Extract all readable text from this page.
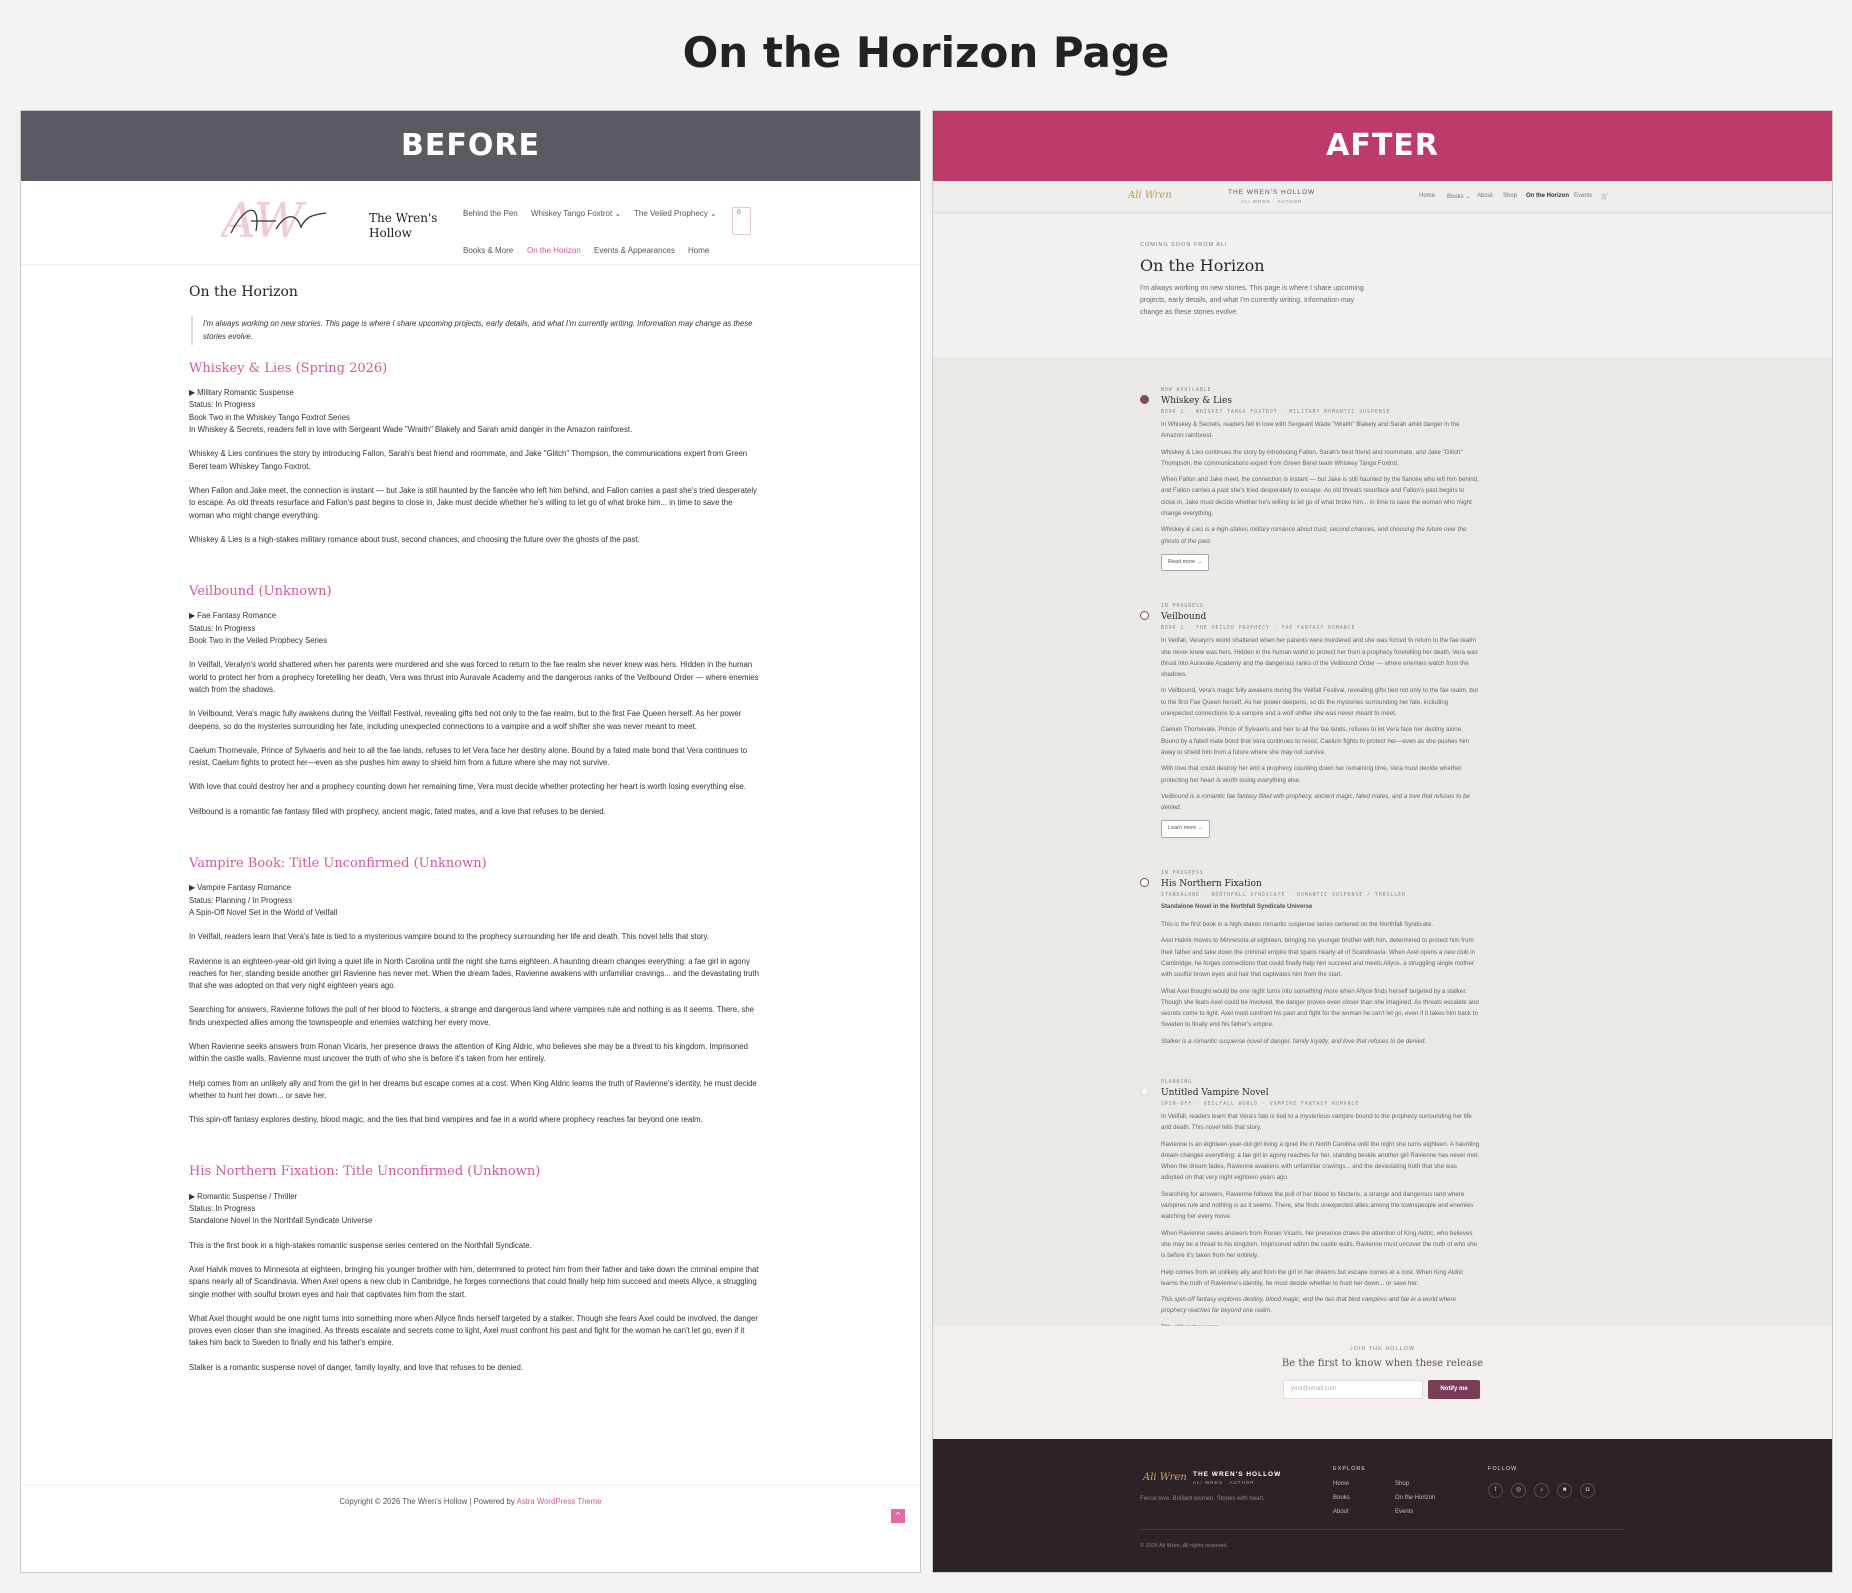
On the Horizon Page
BEFORE
AW	The Wren's Hollow
Behind the Pen Whiskey Tango Foxtrot ⌄ The Veiled Prophecy ⌄
Books & More On the Horizon Events & Appearances Home
0
On the Horizon
I'm always working on new stories. This page is where I share upcoming projects, early details, and what I'm currently writing. Information may change as these stories evolve.
Whiskey & Lies (Spring 2026)
▶ Military Romantic Suspense
Status: In Progress
Book Two in the Whiskey Tango Foxtrot Series
In Whiskey & Secrets, readers fell in love with Sergeant Wade "Wraith" Blakely and Sarah amid danger in the Amazon rainforest.

Whiskey & Lies continues the story by introducing Fallon, Sarah's best friend and roommate, and Jake "Glitch" Thompson, the communications expert from Green Beret team Whiskey Tango Foxtrot.

When Fallon and Jake meet, the connection is instant — but Jake is still haunted by the fiancée who left him behind, and Fallon carries a past she's tried desperately to escape. As old threats resurface and Fallon's past begins to close in, Jake must decide whether he's willing to let go of what broke him... in time to save the woman who might change everything.

Whiskey & Lies is a high-stakes military romance about trust, second chances, and choosing the future over the ghosts of the past.

Veilbound (Unknown)
▶ Fae Fantasy Romance
Status: In Progress
Book Two in the Veiled Prophecy Series

In Veilfall, Veralyn's world shattered when her parents were murdered and she was forced to return to the fae realm she never knew was hers. Hidden in the human world to protect her from a prophecy foretelling her death, Vera was thrust into Auravale Academy and the dangerous ranks of the Veilbound Order — where enemies watch from the shadows.

In Veilbound, Vera's magic fully awakens during the Veilfall Festival, revealing gifts tied not only to the fae realm, but to the first Fae Queen herself. As her power deepens, so do the mysteries surrounding her fate, including unexpected connections to a vampire and a wolf shifter she was never meant to meet.

Caelum Thornevale, Prince of Sylvaeris and heir to all the fae lands, refuses to let Vera face her destiny alone. Bound by a fated mate bond that Vera continues to resist, Caelum fights to protect her—even as she pushes him away to shield him from a future where she may not survive.

With love that could destroy her and a prophecy counting down her remaining time, Vera must decide whether protecting her heart is worth losing everything else.

Veilbound is a romantic fae fantasy filled with prophecy, ancient magic, fated mates, and a love that refuses to be denied.

Vampire Book: Title Unconfirmed (Unknown)
▶ Vampire Fantasy Romance
Status: Planning / In Progress
A Spin-Off Novel Set in the World of Veilfall

In Veilfall, readers learn that Vera's fate is tied to a mysterious vampire bound to the prophecy surrounding her life and death. This novel tells that story.

Ravienne is an eighteen-year-old girl living a quiet life in North Carolina until the night she turns eighteen. A haunting dream changes everything: a fae girl in agony reaches for her, standing beside another girl Ravienne has never met. When the dream fades, Ravienne awakens with unfamiliar cravings... and the devastating truth that she was adopted on that very night eighteen years ago.

Searching for answers, Ravienne follows the pull of her blood to Nocteris, a strange and dangerous land where vampires rule and nothing is as it seems. There, she finds unexpected allies among the townspeople and enemies watching her every move.

When Ravienne seeks answers from Ronan Vicaris, her presence draws the attention of King Aldric, who believes she may be a threat to his kingdom. Imprisoned within the castle walls, Ravienne must uncover the truth of who she is before it's taken from her entirely.

Help comes from an unlikely ally and from the girl in her dreams but escape comes at a cost. When King Aldric learns the truth of Ravienne's identity, he must decide whether to hunt her down... or save her.

This spin-off fantasy explores destiny, blood magic, and the ties that bind vampires and fae in a world where prophecy reaches far beyond one realm.

His Northern Fixation: Title Unconfirmed (Unknown)
▶ Romantic Suspense / Thriller
Status: In Progress
Standalone Novel in the Northfall Syndicate Universe

This is the first book in a high-stakes romantic suspense series centered on the Northfall Syndicate.

Axel Halvik moves to Minnesota at eighteen, bringing his younger brother with him, determined to protect him from their father and take down the criminal empire that spans nearly all of Scandinavia. When Axel opens a new club in Cambridge, he forges connections that could finally help him succeed and meets Allyce, a struggling single mother with soulful brown eyes and hair that captivates him from the start.

What Axel thought would be one night turns into something more when Allyce finds herself targeted by a stalker. Though she fears Axel could be involved, the danger proves even closer than she imagined. As threats escalate and secrets come to light, Axel must confront his past and fight for the woman he can't let go, even if it takes him back to Sweden to finally end his father's empire.

Stalker is a romantic suspense novel of danger, family loyalty, and love that refuses to be denied.

Copyright © 2026 The Wren's Hollow | Powered by Astra WordPress Theme
^
AFTER
Ali Wren	THE WREN'S HOLLOW
ALI WREN · AUTHOR
Home Books ⌄ About Shop On the Horizon Events 🛒
COMING SOON FROM ALI
On the Horizon
I'm always working on new stories. This page is where I share upcoming projects, early details, and what I'm currently writing. Information may change as these stories evolve.
NOW AVAILABLE
Whiskey & Lies
BOOK 2 · WHISKEY TANGO FOXTROT · MILITARY ROMANTIC SUSPENSE

In Whiskey & Secrets, readers fell in love with Sergeant Wade "Wraith" Blakely and Sarah amid danger in the Amazon rainforest.

Whiskey & Lies continues the story by introducing Fallon, Sarah's best friend and roommate, and Jake "Glitch" Thompson, the communications expert from Green Beret team Whiskey Tango Foxtrot.

When Fallon and Jake meet, the connection is instant — but Jake is still haunted by the fiancée who left him behind, and Fallon carries a past she's tried desperately to escape. As old threats resurface and Fallon's past begins to close in, Jake must decide whether he's willing to let go of what broke him... in time to save the woman who might change everything.

Whiskey & Lies is a high-stakes military romance about trust, second chances, and choosing the future over the ghosts of the past.

Read more →
IN PROGRESS
Veilbound
BOOK 2 · THE VEILED PROPHECY · FAE FANTASY ROMANCE

In Veilfall, Veralyn's world shattered when her parents were murdered and she was forced to return to the fae realm she never knew was hers. Hidden in the human world to protect her from a prophecy foretelling her death, Vera was thrust into Auravale Academy and the dangerous ranks of the Veilbound Order — where enemies watch from the shadows.

In Veilbound, Vera's magic fully awakens during the Veilfall Festival, revealing gifts tied not only to the fae realm, but to the first Fae Queen herself. As her power deepens, so do the mysteries surrounding her fate, including unexpected connections to a vampire and a wolf shifter she was never meant to meet.

Caelum Thornevale, Prince of Sylvaeris and heir to all the fae lands, refuses to let Vera face her destiny alone. Bound by a fated mate bond that Vera continues to resist, Caelum fights to protect her—even as she pushes him away to shield him from a future where she may not survive.

With love that could destroy her and a prophecy counting down her remaining time, Vera must decide whether protecting her heart is worth losing everything else.

Veilbound is a romantic fae fantasy filled with prophecy, ancient magic, fated mates, and a love that refuses to be denied.

Learn more →
IN PROGRESS
His Northern Fixation
STANDALONE · NORTHFALL SYNDICATE · ROMANTIC SUSPENSE / THRILLER
Standalone Novel in the Northfall Syndicate Universe

This is the first book in a high-stakes romantic suspense series centered on the Northfall Syndicate.

Axel Halvik moves to Minnesota at eighteen, bringing his younger brother with him, determined to protect him from their father and take down the criminal empire that spans nearly all of Scandinavia. When Axel opens a new club in Cambridge, he forges connections that could finally help him succeed and meets Allyce, a struggling single mother with soulful brown eyes and hair that captivates him from the start.

What Axel thought would be one night turns into something more when Allyce finds herself targeted by a stalker. Though she fears Axel could be involved, the danger proves even closer than she imagined. As threats escalate and secrets come to light, Axel must confront his past and fight for the woman he can't let go, even if it takes him back to Sweden to finally end his father's empire.

Stalker is a romantic suspense novel of danger, family loyalty, and love that refuses to be denied.

PLANNING
Untitled Vampire Novel
SPIN-OFF · VEILFALL WORLD · VAMPIRE FANTASY ROMANCE

In Veilfall, readers learn that Vera's fate is tied to a mysterious vampire bound to the prophecy surrounding her life and death. This novel tells that story.

Ravienne is an eighteen-year-old girl living a quiet life in North Carolina until the night she turns eighteen. A haunting dream changes everything: a fae girl in agony reaches for her, standing beside another girl Ravienne has never met. When the dream fades, Ravienne awakens with unfamiliar cravings... and the devastating truth that she was adopted on that very night eighteen years ago.

Searching for answers, Ravienne follows the pull of her blood to Nocteris, a strange and dangerous land where vampires rule and nothing is as it seems. There, she finds unexpected allies among the townspeople and enemies watching her every move.

When Ravienne seeks answers from Ronan Vicaris, her presence draws the attention of King Aldric, who believes she may be a threat to his kingdom. Imprisoned within the castle walls, Ravienne must uncover the truth of who she is before it's taken from her entirely.

Help comes from an unlikely ally and from the girl in her dreams but escape comes at a cost. When King Aldric learns the truth of Ravienne's identity, he must decide whether to hunt her down... or save her.

This spin-off fantasy explores destiny, blood magic, and the ties that bind vampires and fae in a world where prophecy reaches far beyond one realm.

JOIN THE HOLLOW
Be the first to know when these release
your@email.com	Notify me
Ali Wren THE WREN'S HOLLOW
ALI WREN · AUTHOR
Fierce love. Brilliant women. Stories with heart.
EXPLORE
Home
Books
About
Shop
On the Horizon
Events
FOLLOW
f	◎	♪	■	◘
© 2026 Ali Wren. All rights reserved.
